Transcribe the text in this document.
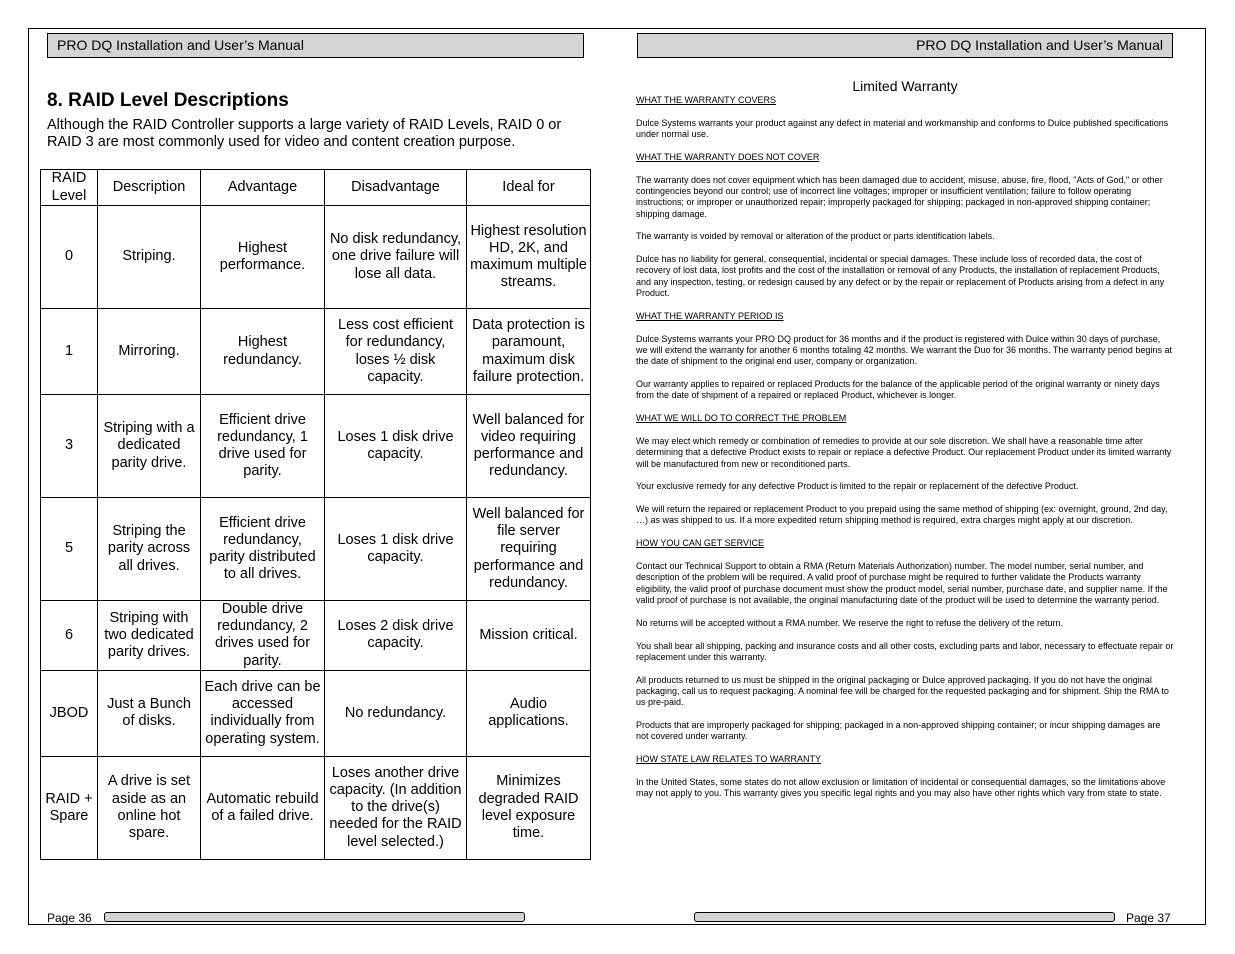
PRO DQ Installation and User’s Manual	PRO DQ Installation and User’s Manual
8. RAID Level Descriptions

Although the RAID Controller supports a large variety of RAID Levels, RAID 0 or RAID 3 are most commonly used for video and content creation purpose.

RAID Level	Description	Advantage	Disadvantage	Ideal for
0	Striping.	Highest performance.	No disk redundancy, one drive failure will lose all data.	Highest resolution HD, 2K, and maximum multiple streams.
1	Mirroring.	Highest redundancy.	Less cost efficient for redundancy, loses ½ disk capacity.	Data protection is paramount, maximum disk failure protection.
3	Striping with a dedicated parity drive.	Efficient drive redundancy, 1 drive used for parity.	Loses 1 disk drive capacity.	Well balanced for video requiring performance and redundancy.
5	Striping the parity across all drives.	Efficient drive redundancy, parity distributed to all drives.	Loses 1 disk drive capacity.	Well balanced for file server requiring performance and redundancy.
6	Striping with two dedicated parity drives.	Double drive redundancy, 2 drives used for parity.	Loses 2 disk drive capacity.	Mission critical.
JBOD	Just a Bunch of disks.	Each drive can be accessed individually from operating system.	No redundancy.	Audio applications.
RAID + Spare	A drive is set aside as an online hot spare.	Automatic rebuild of a failed drive.	Loses another drive capacity. (In addition to the drive(s) needed for the RAID level selected.)	Minimizes degraded RAID level exposure time.
Limited Warranty
WHAT THE WARRANTY COVERS
Dulce Systems warrants your product against any defect in material and workmanship and conforms to Dulce published specifications under normal use.
WHAT THE WARRANTY DOES NOT COVER
The warranty does not cover equipment which has been damaged due to accident, misuse, abuse, fire, flood, "Acts of God," or other contingencies beyond our control; use of incorrect line voltages; improper or insufficient ventilation; failure to follow operating instructions; or improper or unauthorized repair; improperly packaged for shipping; packaged in non-approved shipping container; shipping damage.
The warranty is voided by removal or alteration of the product or parts identification labels.
Dulce has no liability for general, consequential, incidental or special damages. These include loss of recorded data, the cost of recovery of lost data, lost profits and the cost of the installation or removal of any Products, the installation of replacement Products, and any inspection, testing, or redesign caused by any defect or by the repair or replacement of Products arising from a defect in any Product.
WHAT THE WARRANTY PERIOD IS
Dulce Systems warrants your PRO DQ product for 36 months and if the product is registered with Dulce within 30 days of purchase, we will extend the warranty for another 6 months totaling 42 months. We warrant the Duo for 36 months. The warranty period begins at the date of shipment to the original end user, company or organization.
Our warranty applies to repaired or replaced Products for the balance of the applicable period of the original warranty or ninety days from the date of shipment of a repaired or replaced Product, whichever is longer.
WHAT WE WILL DO TO CORRECT THE PROBLEM
We may elect which remedy or combination of remedies to provide at our sole discretion. We shall have a reasonable time after determining that a defective Product exists to repair or replace a defective Product. Our replacement Product under its limited warranty will be manufactured from new or reconditioned parts.
Your exclusive remedy for any defective Product is limited to the repair or replacement of the defective Product.
We will return the repaired or replacement Product to you prepaid using the same method of shipping (ex: overnight, ground, 2nd day, …) as was shipped to us. If a more expedited return shipping method is required, extra charges might apply at our discretion.
HOW YOU CAN GET SERVICE
Contact our Technical Support to obtain a RMA (Return Materials Authorization) number. The model number, serial number, and description of the problem will be required. A valid proof of purchase might be required to further validate the Products warranty eligibility, the valid proof of purchase document must show the product model, serial number, purchase date, and supplier name. If the valid proof of purchase is not available, the original manufacturing date of the product will be used to determine the warranty period.
No returns will be accepted without a RMA number. We reserve the right to refuse the delivery of the return.
You shall bear all shipping, packing and insurance costs and all other costs, excluding parts and labor, necessary to effectuate repair or replacement under this warranty.
All products returned to us must be shipped in the original packaging or Dulce approved packaging. If you do not have the original packaging, call us to request packaging. A nominal fee will be charged for the requested packaging and for shipment. Ship the RMA to us pre-paid.
Products that are improperly packaged for shipping; packaged in a non-approved shipping container; or incur shipping damages are not covered under warranty.
HOW STATE LAW RELATES TO WARRANTY
In the United States, some states do not allow exclusion or limitation of incidental or consequential damages, so the limitations above may not apply to you. This warranty gives you specific legal rights and you may also have other rights which vary from state to state.
Page 36	Page 37
